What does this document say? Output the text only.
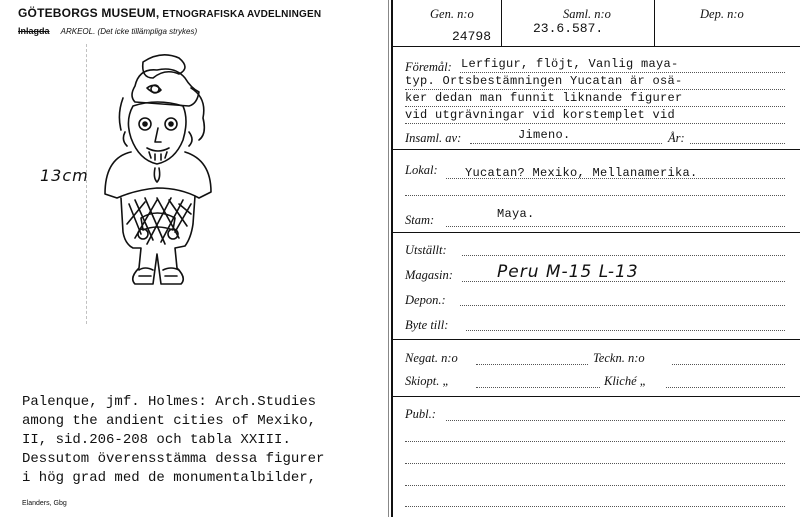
GÖTEBORGS MUSEUM, ETNOGRAFISKA AVDELNINGEN
Inlagda ARKEOL. (Det icke tillämpliga strykes)
Gen. n:o
24798
Saml. n:o
23.6.587.
Dep. n:o
Föremål: Lerfigur, flöjt, Vanlig maya-
typ. Ortsbestämningen Yucatan är osä-
ker dedan man funnit liknande figurer
vid utgrävningar vid korstemplet vid
Insaml. av:	Jimeno.	År:
Lokal: Yucatan? Mexiko, Mellanamerika.
Stam:	Maya.
Utställt:
Magasin:	Peru M-15 L-13
Depon.:
Byte till:
Negat. n:o	Teckn. n:o
Skiopt. „	Kliché „
Publ.:
13cm
Palenque, jmf. Holmes: Arch.Studies
among the andient cities of Mexiko,
II, sid.206-208 och tabla XXIII.
Dessutom överensstämma dessa figurer
i hög grad med de monumentalbilder,
Elanders, Gbg
